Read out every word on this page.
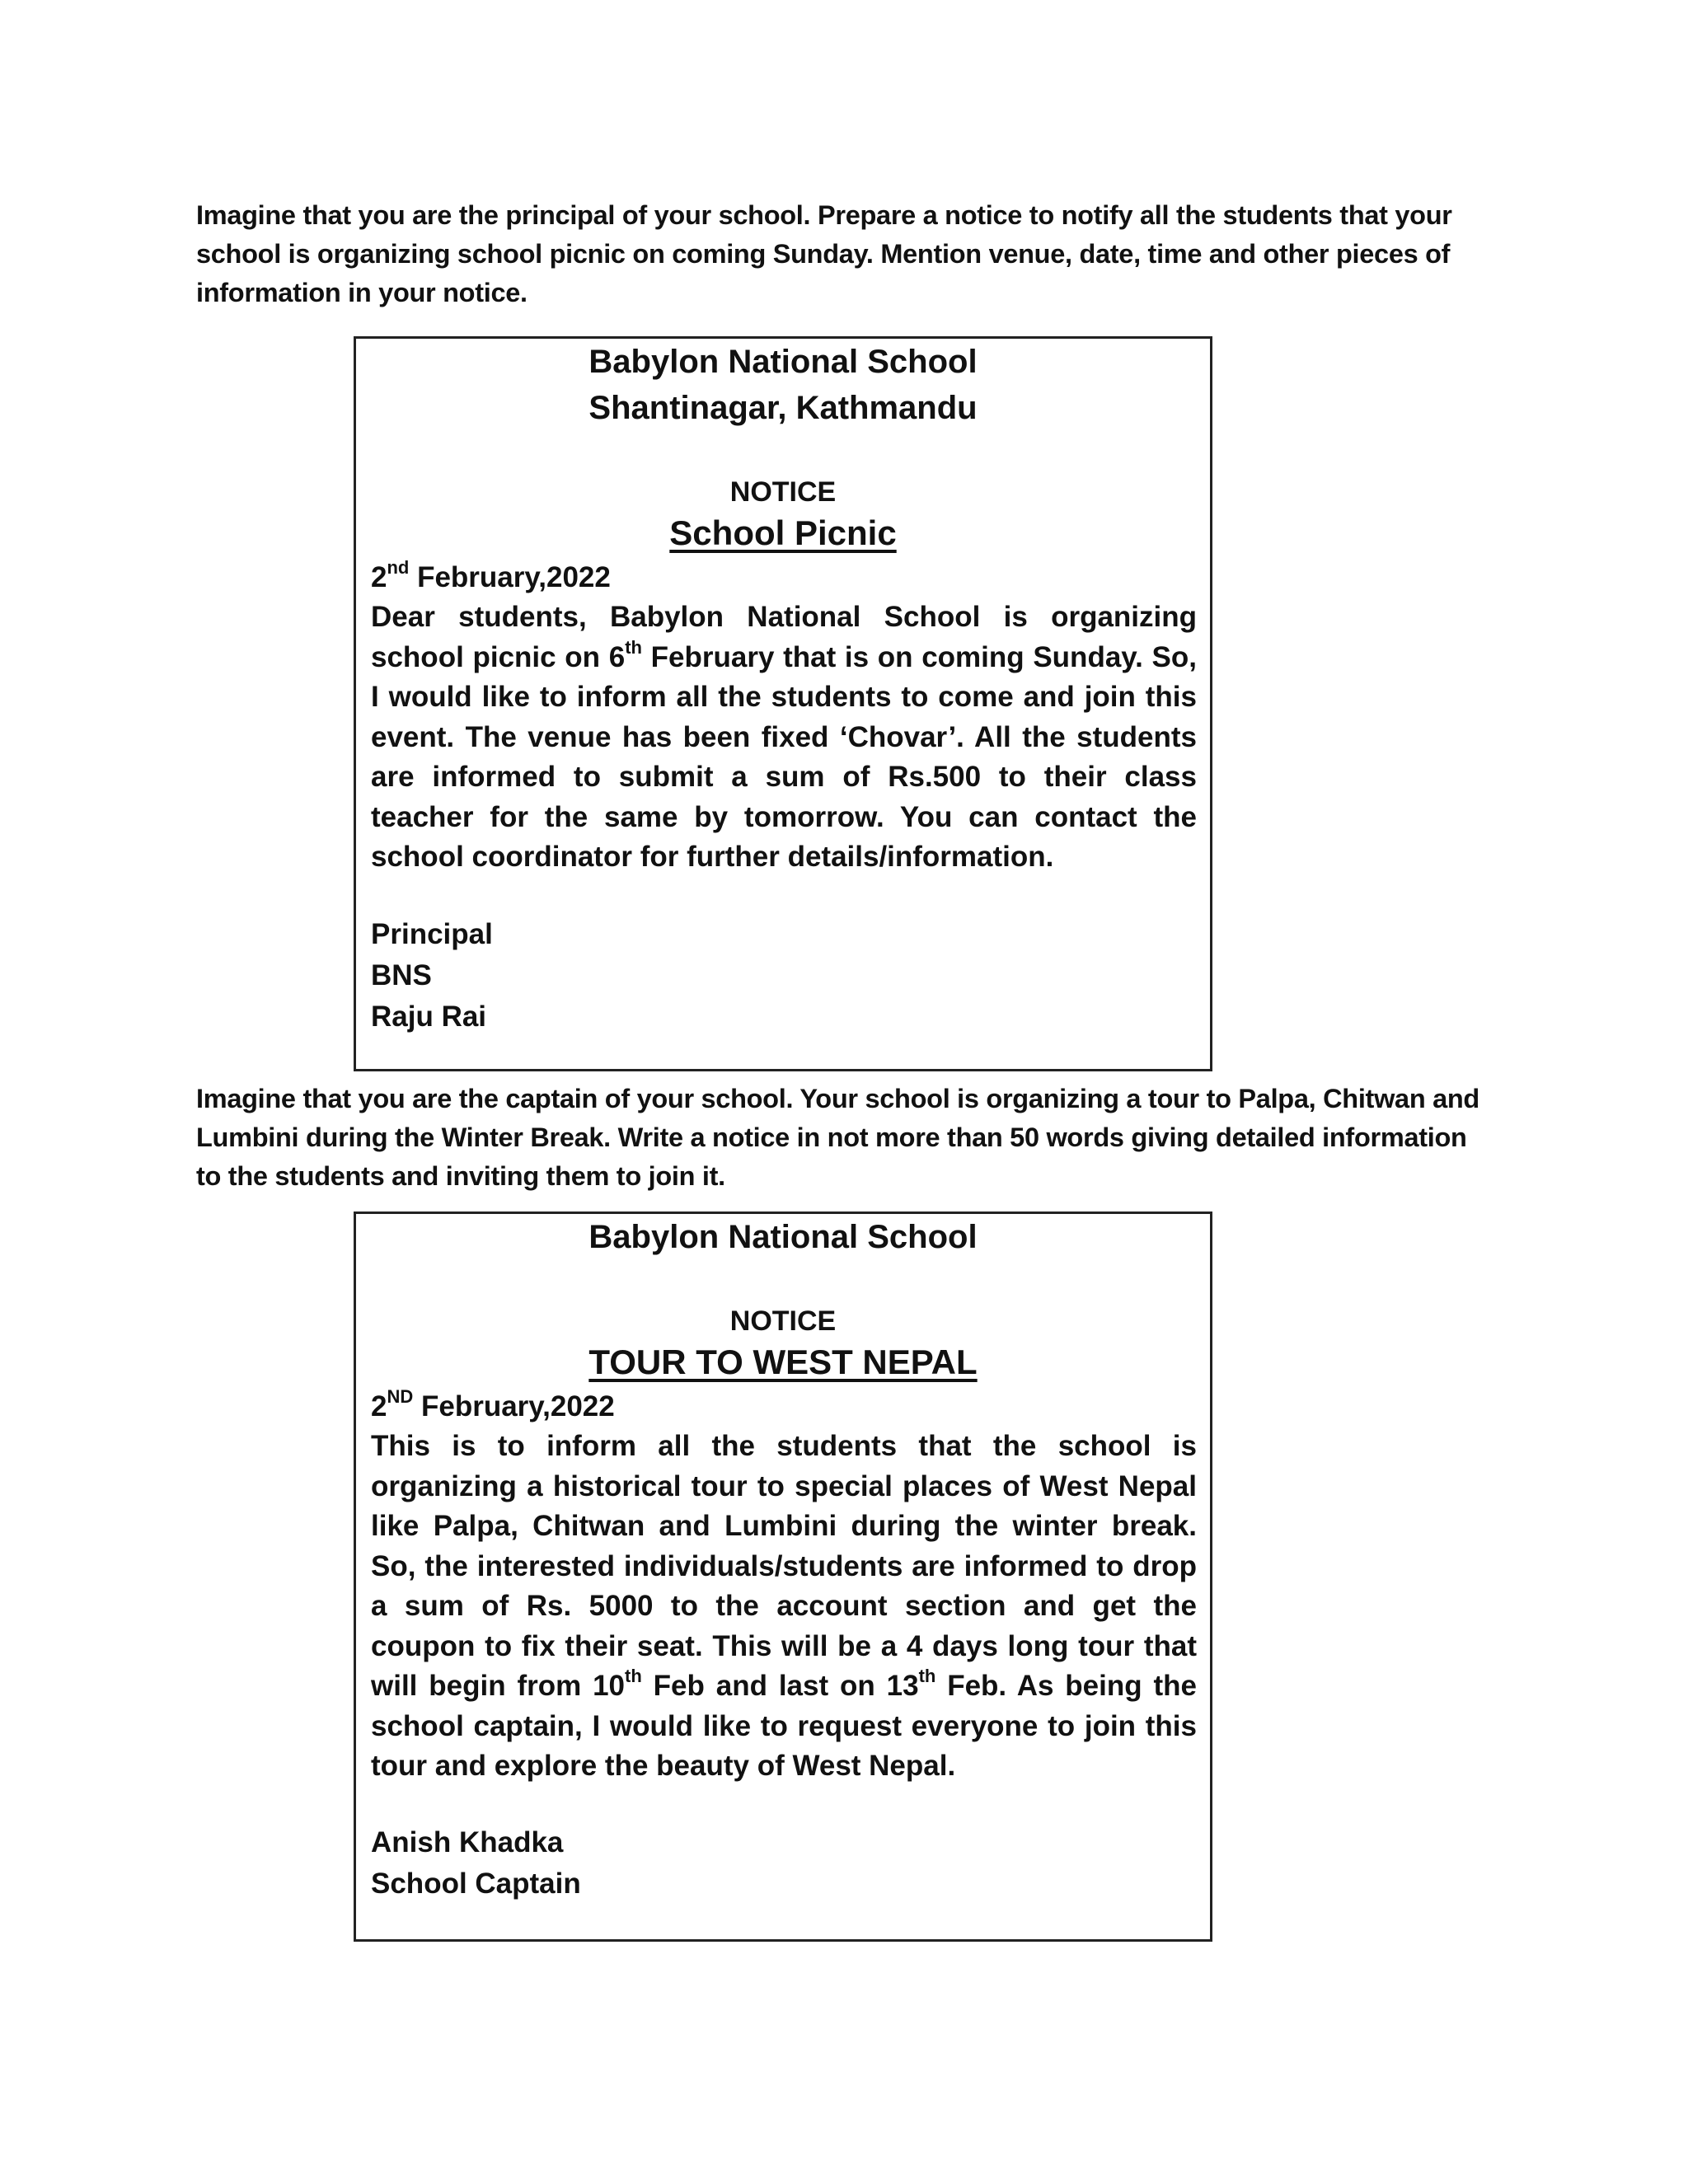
Imagine that you are the principal of your school. Prepare a notice to notify all the students that your school is organizing school picnic on coming Sunday. Mention venue, date, time and other pieces of information in your notice.

Babylon National School

Shantinagar, Kathmandu

NOTICE

School Picnic

2nd February,2022

Dear students, Babylon National School is organizing school picnic on 6th February that is on coming Sunday. So, I would like to inform all the students to come and join this event. The venue has been fixed ‘Chovar’. All the students are informed to submit a sum of Rs.500 to their class teacher for the same by tomorrow. You can contact the school coordinator for further details/information.

Principal
BNS
Raju Rai

Imagine that you are the captain of your school. Your school is organizing a tour to Palpa, Chitwan and Lumbini during the Winter Break. Write a notice in not more than 50 words giving detailed information to the students and inviting them to join it.

Babylon National School

NOTICE

TOUR TO WEST NEPAL

2ND February,2022

This is to inform all the students that the school is organizing a historical tour to special places of West Nepal like Palpa, Chitwan and Lumbini during the winter break. So, the interested individuals/students are informed to drop a sum of Rs. 5000 to the account section and get the coupon to fix their seat. This will be a 4 days long tour that will begin from 10th Feb and last on 13th Feb. As being the school captain, I would like to request everyone to join this tour and explore the beauty of West Nepal.

Anish Khadka
School Captain
